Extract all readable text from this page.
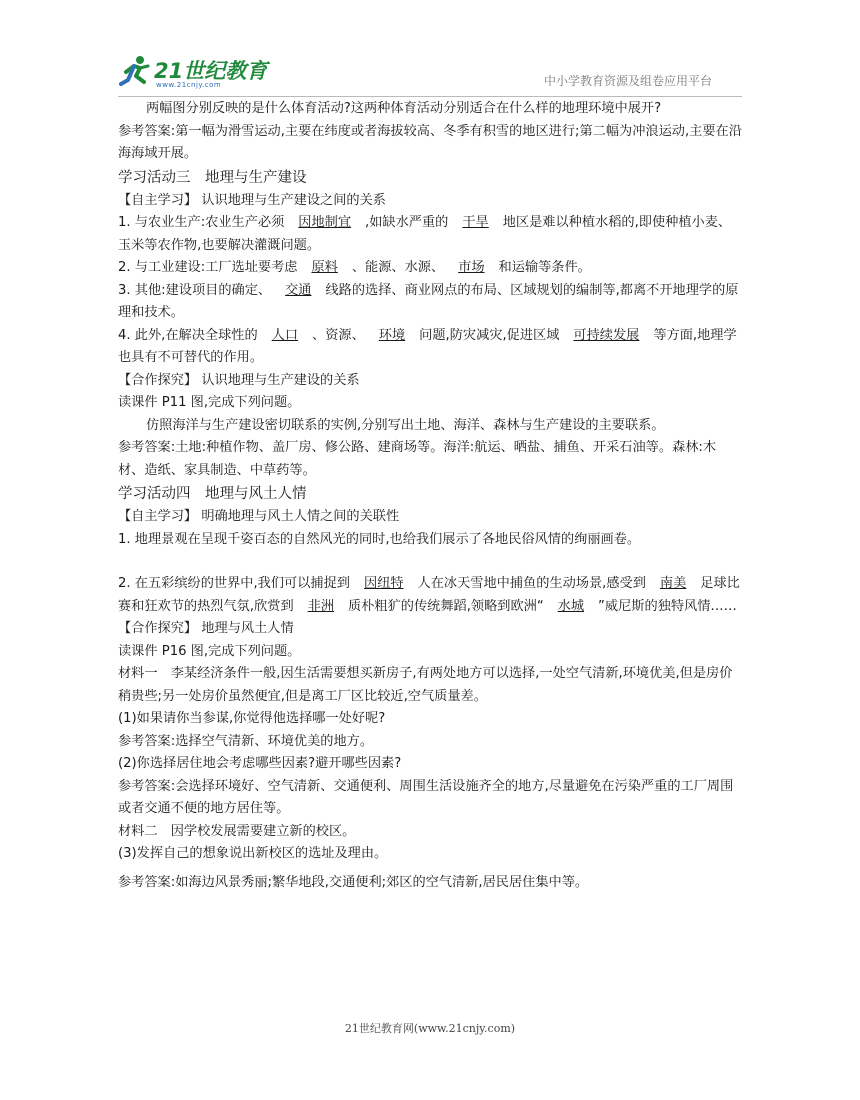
21世纪教育
www.21cnjy.com	中小学教育资源及组卷应用平台

两幅图分别反映的是什么体育活动?这两种体育活动分别适合在什么样的地理环境中展开?

参考答案:第一幅为滑雪运动,主要在纬度或者海拔较高、冬季有积雪的地区进行;第二幅为冲浪运动,主要在沿海海域开展。

学习活动三　地理与生产建设

【自主学习】 认识地理与生产建设之间的关系

1. 与农业生产:农业生产必须 因地制宜 ,如缺水严重的 干旱 地区是难以种植水稻的,即使种植小麦、玉米等农作物,也要解决灌溉问题。

2. 与工业建设:工厂选址要考虑 原料 、能源、水源、 市场 和运输等条件。

3. 其他:建设项目的确定、 交通 线路的选择、商业网点的布局、区域规划的编制等,都离不开地理学的原理和技术。

4. 此外,在解决全球性的 人口 、资源、 环境 问题,防灾减灾,促进区域 可持续发展 等方面,地理学也具有不可替代的作用。

【合作探究】 认识地理与生产建设的关系

读课件 P11 图,完成下列问题。

仿照海洋与生产建设密切联系的实例,分别写出土地、海洋、森林与生产建设的主要联系。

参考答案:土地:种植作物、盖厂房、修公路、建商场等。海洋:航运、晒盐、捕鱼、开采石油等。森林:木材、造纸、家具制造、中草药等。

学习活动四　地理与风土人情

【自主学习】 明确地理与风土人情之间的关联性

1. 地理景观在呈现千姿百态的自然风光的同时,也给我们展示了各地民俗风情的绚丽画卷。

2. 在五彩缤纷的世界中,我们可以捕捉到 因纽特 人在冰天雪地中捕鱼的生动场景,感受到 南美 足球比赛和狂欢节的热烈气氛,欣赏到 非洲 质朴粗犷的传统舞蹈,领略到欧洲“ 水城 ”威尼斯的独特风情……

【合作探究】 地理与风土人情

读课件 P16 图,完成下列问题。

材料一　李某经济条件一般,因生活需要想买新房子,有两处地方可以选择,一处空气清新,环境优美,但是房价稍贵些;另一处房价虽然便宜,但是离工厂区比较近,空气质量差。

(1)如果请你当参谋,你觉得他选择哪一处好呢?

参考答案:选择空气清新、环境优美的地方。

(2)你选择居住地会考虑哪些因素?避开哪些因素?

参考答案:会选择环境好、空气清新、交通便利、周围生活设施齐全的地方,尽量避免在污染严重的工厂周围或者交通不便的地方居住等。

材料二　因学校发展需要建立新的校区。

(3)发挥自己的想象说出新校区的选址及理由。

参考答案:如海边风景秀丽;繁华地段,交通便利;郊区的空气清新,居民居住集中等。

21世纪教育网(www.21cnjy.com)
